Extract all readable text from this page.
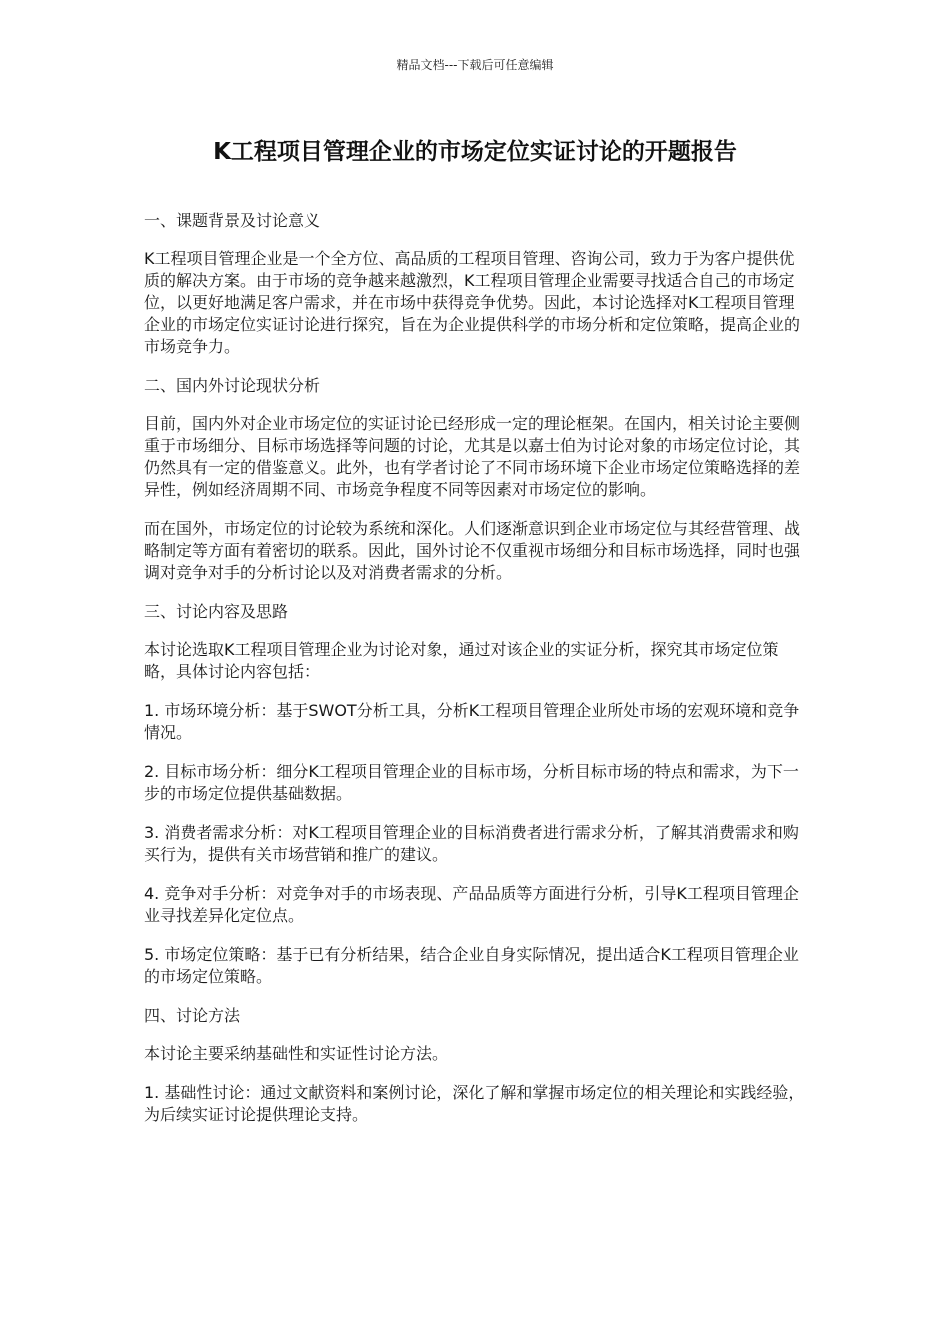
精品文档---下载后可任意编辑
K工程项目管理企业的市场定位实证讨论的开题报告

一、课题背景及讨论意义

K工程项目管理企业是一个全方位、高品质的工程项目管理、咨询公司，致力于为客户提供优质的解决方案。由于市场的竞争越来越激烈，K工程项目管理企业需要寻找适合自己的市场定位，以更好地满足客户需求，并在市场中获得竞争优势。因此，本讨论选择对K工程项目管理企业的市场定位实证讨论进行探究，旨在为企业提供科学的市场分析和定位策略，提高企业的市场竞争力。

二、国内外讨论现状分析

目前，国内外对企业市场定位的实证讨论已经形成一定的理论框架。在国内，相关讨论主要侧重于市场细分、目标市场选择等问题的讨论，尤其是以嘉士伯为讨论对象的市场定位讨论，其仍然具有一定的借鉴意义。此外，也有学者讨论了不同市场环境下企业市场定位策略选择的差异性，例如经济周期不同、市场竞争程度不同等因素对市场定位的影响。

而在国外，市场定位的讨论较为系统和深化。人们逐渐意识到企业市场定位与其经营管理、战略制定等方面有着密切的联系。因此，国外讨论不仅重视市场细分和目标市场选择，同时也强调对竞争对手的分析讨论以及对消费者需求的分析。

三、讨论内容及思路

本讨论选取K工程项目管理企业为讨论对象，通过对该企业的实证分析，探究其市场定位策略，具体讨论内容包括：

1. 市场环境分析：基于SWOT分析工具，分析K工程项目管理企业所处市场的宏观环境和竞争情况。

2. 目标市场分析：细分K工程项目管理企业的目标市场，分析目标市场的特点和需求，为下一步的市场定位提供基础数据。

3. 消费者需求分析：对K工程项目管理企业的目标消费者进行需求分析，了解其消费需求和购买行为，提供有关市场营销和推广的建议。

4. 竞争对手分析：对竞争对手的市场表现、产品品质等方面进行分析，引导K工程项目管理企业寻找差异化定位点。

5. 市场定位策略：基于已有分析结果，结合企业自身实际情况，提出适合K工程项目管理企业的市场定位策略。

四、讨论方法

本讨论主要采纳基础性和实证性讨论方法。

1. 基础性讨论：通过文献资料和案例讨论，深化了解和掌握市场定位的相关理论和实践经验，为后续实证讨论提供理论支持。
